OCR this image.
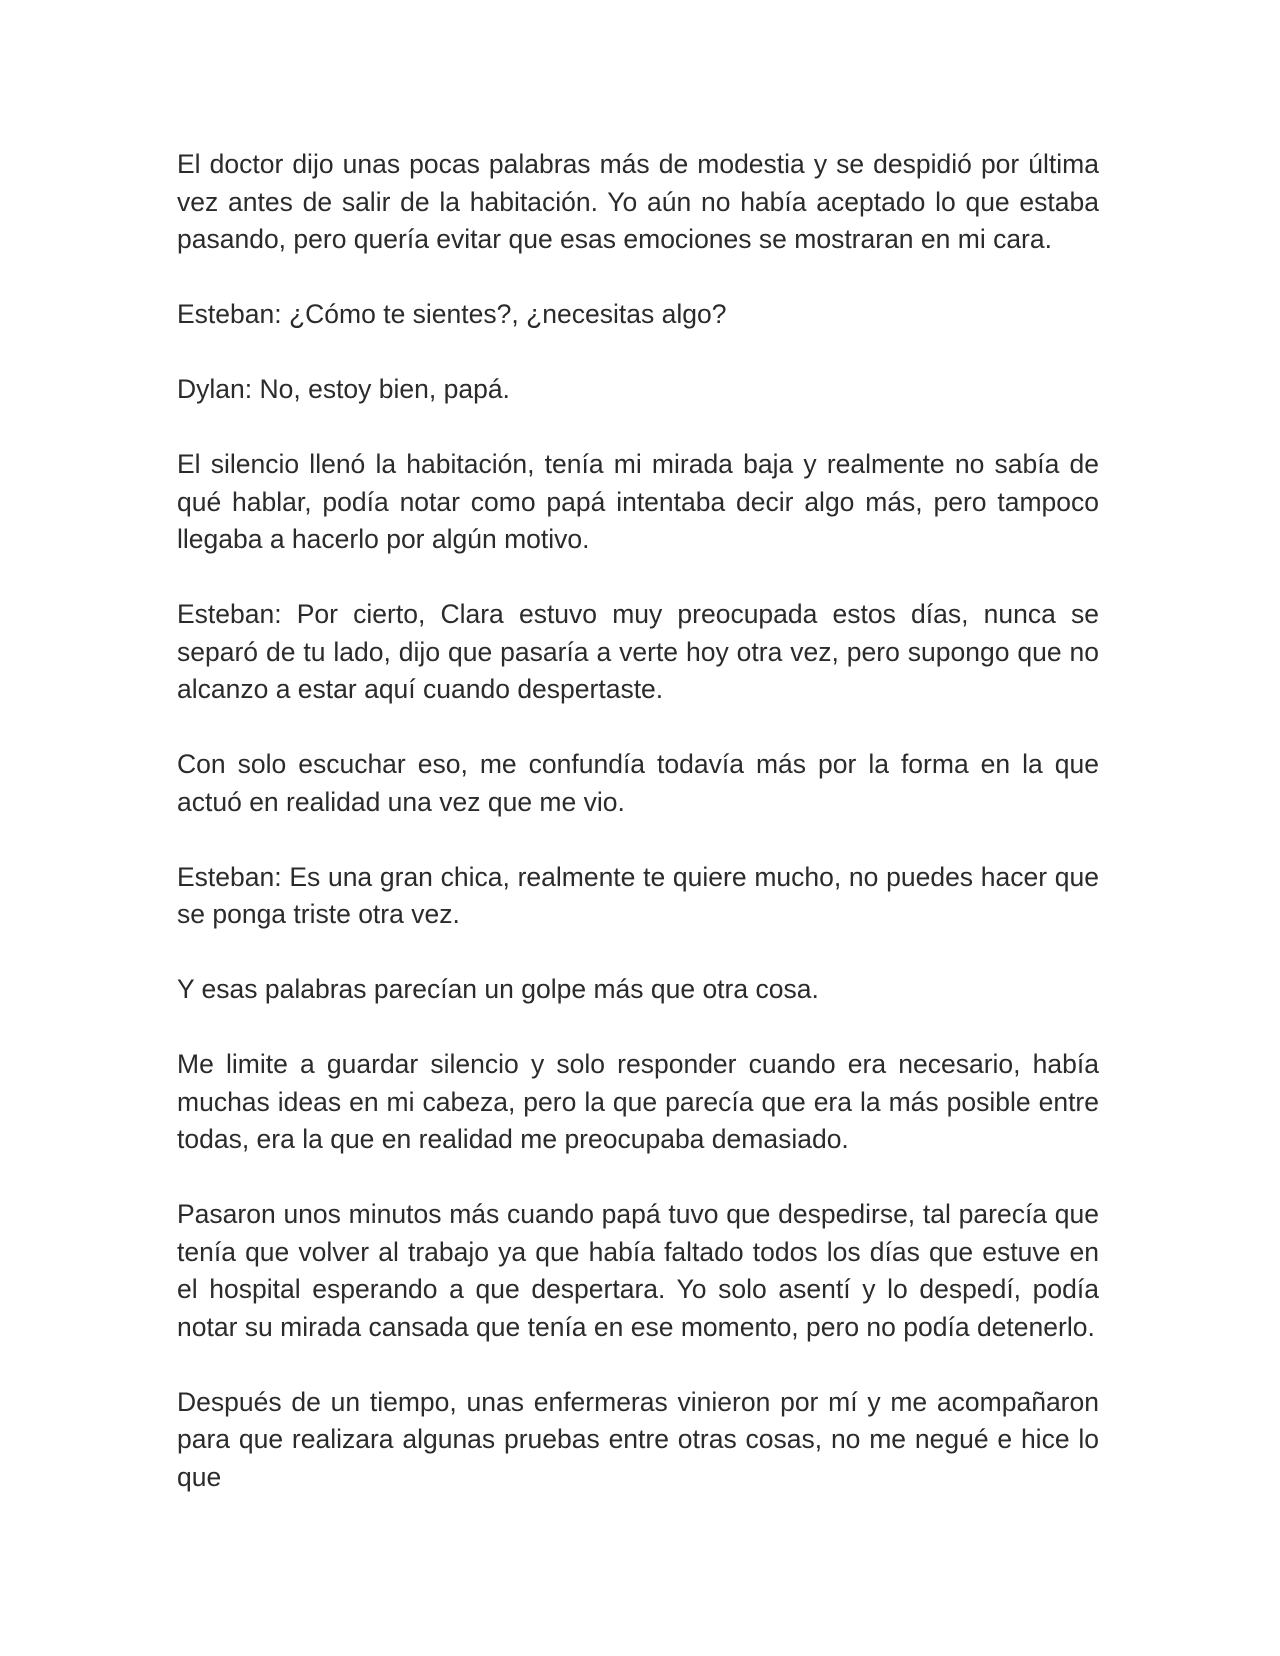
El doctor dijo unas pocas palabras más de modestia y se despidió por última vez antes de salir de la habitación. Yo aún no había aceptado lo que estaba pasando, pero quería evitar que esas emociones se mostraran en mi cara.

Esteban: ¿Cómo te sientes?, ¿necesitas algo?

Dylan: No, estoy bien, papá.

El silencio llenó la habitación, tenía mi mirada baja y realmente no sabía de qué hablar, podía notar como papá intentaba decir algo más, pero tampoco llegaba a hacerlo por algún motivo.

Esteban: Por cierto, Clara estuvo muy preocupada estos días, nunca se separó de tu lado, dijo que pasaría a verte hoy otra vez, pero supongo que no alcanzo a estar aquí cuando despertaste.

Con solo escuchar eso, me confundía todavía más por la forma en la que actuó en realidad una vez que me vio.

Esteban: Es una gran chica, realmente te quiere mucho, no puedes hacer que se ponga triste otra vez.

Y esas palabras parecían un golpe más que otra cosa.

Me limite a guardar silencio y solo responder cuando era necesario, había muchas ideas en mi cabeza, pero la que parecía que era la más posible entre todas, era la que en realidad me preocupaba demasiado.

Pasaron unos minutos más cuando papá tuvo que despedirse, tal parecía que tenía que volver al trabajo ya que había faltado todos los días que estuve en el hospital esperando a que despertara. Yo solo asentí y lo despedí, podía notar su mirada cansada que tenía en ese momento, pero no podía detenerlo.

Después de un tiempo, unas enfermeras vinieron por mí y me acompañaron para que realizara algunas pruebas entre otras cosas, no me negué e hice lo que
